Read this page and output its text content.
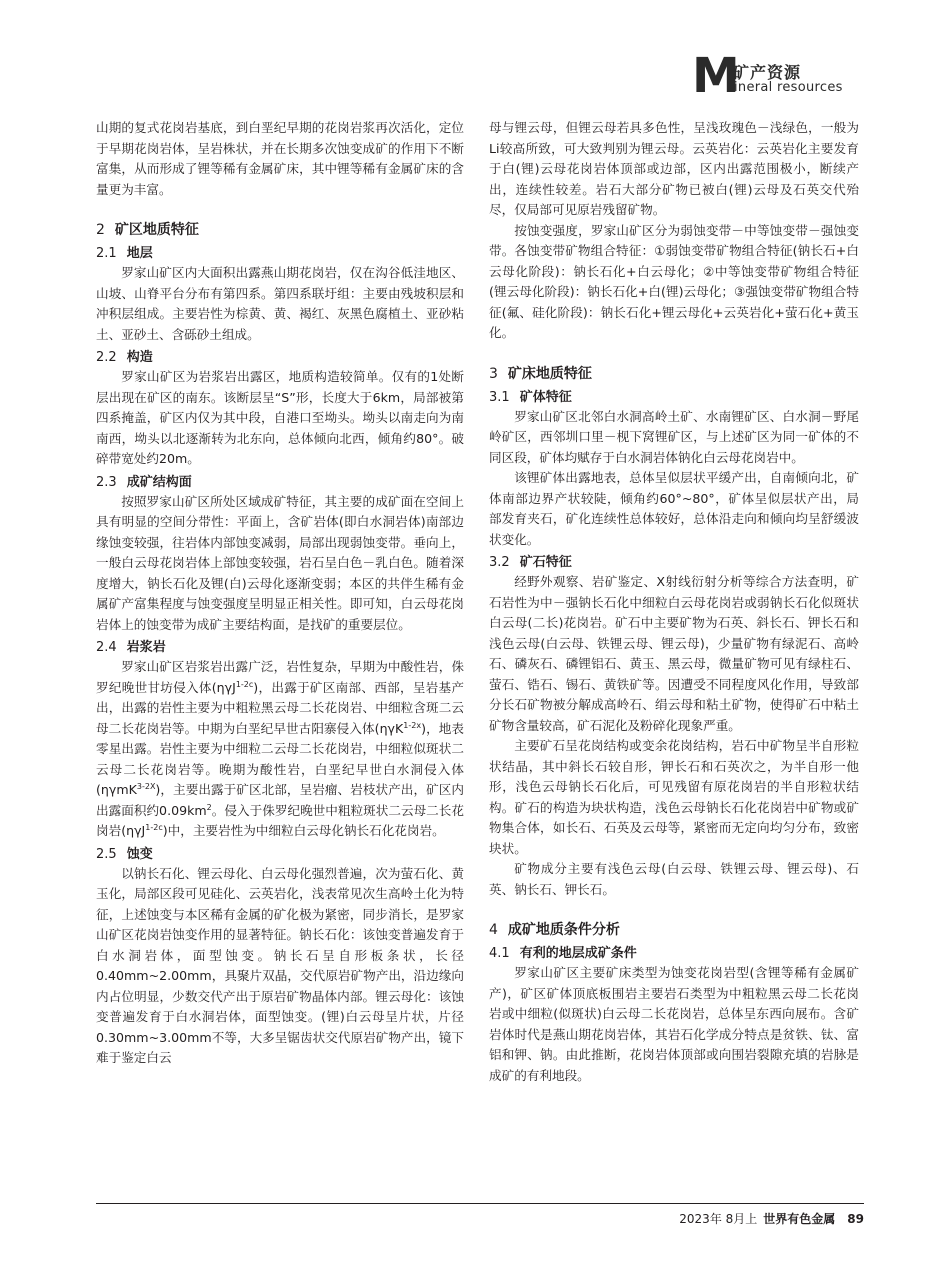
M
矿产资源
ineral resources

山期的复式花岗岩基底，到白垩纪早期的花岗岩浆再次活化，定位于早期花岗岩体，呈岩株状，并在长期多次蚀变成矿的作用下不断富集，从而形成了锂等稀有金属矿床，其中锂等稀有金属矿床的含量更为丰富。

2 矿区地质特征
2.1 地层

罗家山矿区内大面积出露燕山期花岗岩，仅在沟谷低洼地区、山坡、山脊平台分布有第四系。第四系联圩组：主要由残坡积层和冲积层组成。主要岩性为棕黄、黄、褐红、灰黑色腐植土、亚砂粘土、亚砂土、含砾砂土组成。

2.2 构造

罗家山矿区为岩浆岩出露区，地质构造较简单。仅有的1处断层出现在矿区的南东。该断层呈“S”形，长度大于6km，局部被第四系掩盖，矿区内仅为其中段，自港口至坳头。坳头以南走向为南南西，坳头以北逐渐转为北东向，总体倾向北西，倾角约80°。破碎带宽处约20m。

2.3 成矿结构面

按照罗家山矿区所处区域成矿特征，其主要的成矿面在空间上具有明显的空间分带性：平面上，含矿岩体(即白水洞岩体)南部边缘蚀变较强，往岩体内部蚀变减弱，局部出现弱蚀变带。垂向上，一般白云母花岗岩体上部蚀变较强，岩石呈白色－乳白色。随着深度增大，钠长石化及锂(白)云母化逐渐变弱；本区的共伴生稀有金属矿产富集程度与蚀变强度呈明显正相关性。即可知，白云母花岗岩体上的蚀变带为成矿主要结构面，是找矿的重要层位。

2.4 岩浆岩

罗家山矿区岩浆岩出露广泛，岩性复杂，早期为中酸性岩，侏罗纪晚世甘坊侵入体(ηγJ$^{1-2c}$)，出露于矿区南部、西部，呈岩基产出，出露的岩性主要为中粗粒黑云母二长花岗岩、中细粒含斑二云母二长花岗岩等。中期为白垩纪早世古阳寨侵入体(ηγK$^{1-2x}$)，地表零星出露。岩性主要为中细粒二云母二长花岗岩，中细粒似斑状二云母二长花岗岩等。晚期为酸性岩，白垩纪早世白水洞侵入体(ηγmK$^{3-2X}$)，主要出露于矿区北部，呈岩瘤、岩枝状产出，矿区内出露面积约$0.09km^2$。侵入于侏罗纪晚世中粗粒斑状二云母二长花岗岩(ηγJ$^{1-2c}$)中，主要岩性为中细粒白云母化钠长石化花岗岩。

2.5 蚀变

以钠长石化、锂云母化、白云母化强烈普遍，次为萤石化、黄玉化，局部区段可见硅化、云英岩化，浅表常见次生高岭土化为特征，上述蚀变与本区稀有金属的矿化极为紧密，同步消长，是罗家山矿区花岗岩蚀变作用的显著特征。钠长石化：该蚀变普遍发育于白水洞岩体，面型蚀变。钠长石呈自形板条状，长径0.40mm~2.00mm，具聚片双晶，交代原岩矿物产出，沿边缘向内占位明显，少数交代产出于原岩矿物晶体内部。锂云母化：该蚀变普遍发育于白水洞岩体，面型蚀变。(锂)白云母呈片状，片径0.30mm~3.00mm不等，大多呈锯齿状交代原岩矿物产出，镜下难于鉴定白云

母与锂云母，但锂云母若具多色性，呈浅玫瑰色－浅绿色，一般为Li较高所致，可大致判别为锂云母。云英岩化：云英岩化主要发育于白(锂)云母花岗岩体顶部或边部，区内出露范围极小，断续产出，连续性较差。岩石大部分矿物已被白(锂)云母及石英交代殆尽，仅局部可见原岩残留矿物。

按蚀变强度，罗家山矿区分为弱蚀变带－中等蚀变带－强蚀变带。各蚀变带矿物组合特征：①弱蚀变带矿物组合特征(钠长石+白云母化阶段)：钠长石化+白云母化；②中等蚀变带矿物组合特征(锂云母化阶段)：钠长石化+白(锂)云母化；③强蚀变带矿物组合特征(氟、硅化阶段)：钠长石化+锂云母化+云英岩化+萤石化+黄玉化。

3 矿床地质特征
3.1 矿体特征

罗家山矿区北邻白水洞高岭土矿、水南锂矿区、白水洞－野尾岭矿区，西邻圳口里－枧下窝锂矿区，与上述矿区为同一矿体的不同区段，矿体均赋存于白水洞岩体钠化白云母花岗岩中。

该锂矿体出露地表，总体呈似层状平缓产出，自南倾向北，矿体南部边界产状较陡，倾角约60°~80°，矿体呈似层状产出，局部发育夹石，矿化连续性总体较好，总体沿走向和倾向均呈舒缓波状变化。

3.2 矿石特征

经野外观察、岩矿鉴定、X射线衍射分析等综合方法查明，矿石岩性为中－强钠长石化中细粒白云母花岗岩或弱钠长石化似斑状白云母(二长)花岗岩。矿石中主要矿物为石英、斜长石、钾长石和浅色云母(白云母、铁锂云母、锂云母)，少量矿物有绿泥石、高岭石、磷灰石、磷锂铝石、黄玉、黑云母，微量矿物可见有绿柱石、萤石、锆石、锡石、黄铁矿等。因遭受不同程度风化作用，导致部分长石矿物被分解成高岭石、绢云母和粘土矿物，使得矿石中粘土矿物含量较高，矿石泥化及粉碎化现象严重。

主要矿石呈花岗结构或变余花岗结构，岩石中矿物呈半自形粒状结晶，其中斜长石较自形，钾长石和石英次之，为半自形一他形，浅色云母钠长石化后，可见残留有原花岗岩的半自形粒状结构。矿石的构造为块状构造，浅色云母钠长石化花岗岩中矿物或矿物集合体，如长石、石英及云母等，紧密而无定向均匀分布，致密块状。

矿物成分主要有浅色云母(白云母、铁锂云母、锂云母)、石英、钠长石、钾长石。

4 成矿地质条件分析
4.1 有利的地层成矿条件

罗家山矿区主要矿床类型为蚀变花岗岩型(含锂等稀有金属矿产)，矿区矿体顶底板围岩主要岩石类型为中粗粒黑云母二长花岗岩或中细粒(似斑状)白云母二长花岗岩，总体呈东西向展布。含矿岩体时代是燕山期花岗岩体，其岩石化学成分特点是贫铁、钛、富铝和钾、钠。由此推断，花岗岩体顶部或向围岩裂隙充填的岩脉是成矿的有利地段。

2023年 8月上 世界有色金属 89
